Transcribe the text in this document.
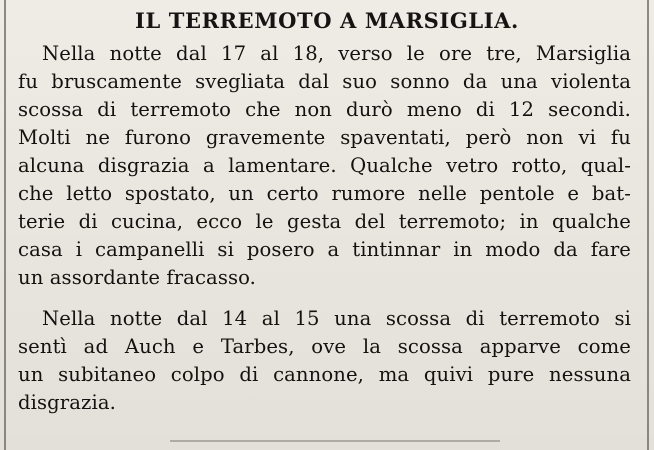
IL TERREMOTO A MARSIGLIA.
Nella notte dal 17 al 18, verso le ore tre, Marsiglia
fu bruscamente svegliata dal suo sonno da una violenta
scossa di terremoto che non durò meno di 12 secondi.
Molti ne furono gravemente spaventati, però non vi fu
alcuna disgrazia a lamentare. Qualche vetro rotto, qual-
che letto spostato, un certo rumore nelle pentole e bat-
terie di cucina, ecco le gesta del terremoto; in qualche
casa i campanelli si posero a tintinnar in modo da fare
un assordante fracasso.
Nella notte dal 14 al 15 una scossa di terremoto si
sentì ad Auch e Tarbes, ove la scossa apparve come
un subitaneo colpo di cannone, ma quivi pure nessuna
disgrazia.
